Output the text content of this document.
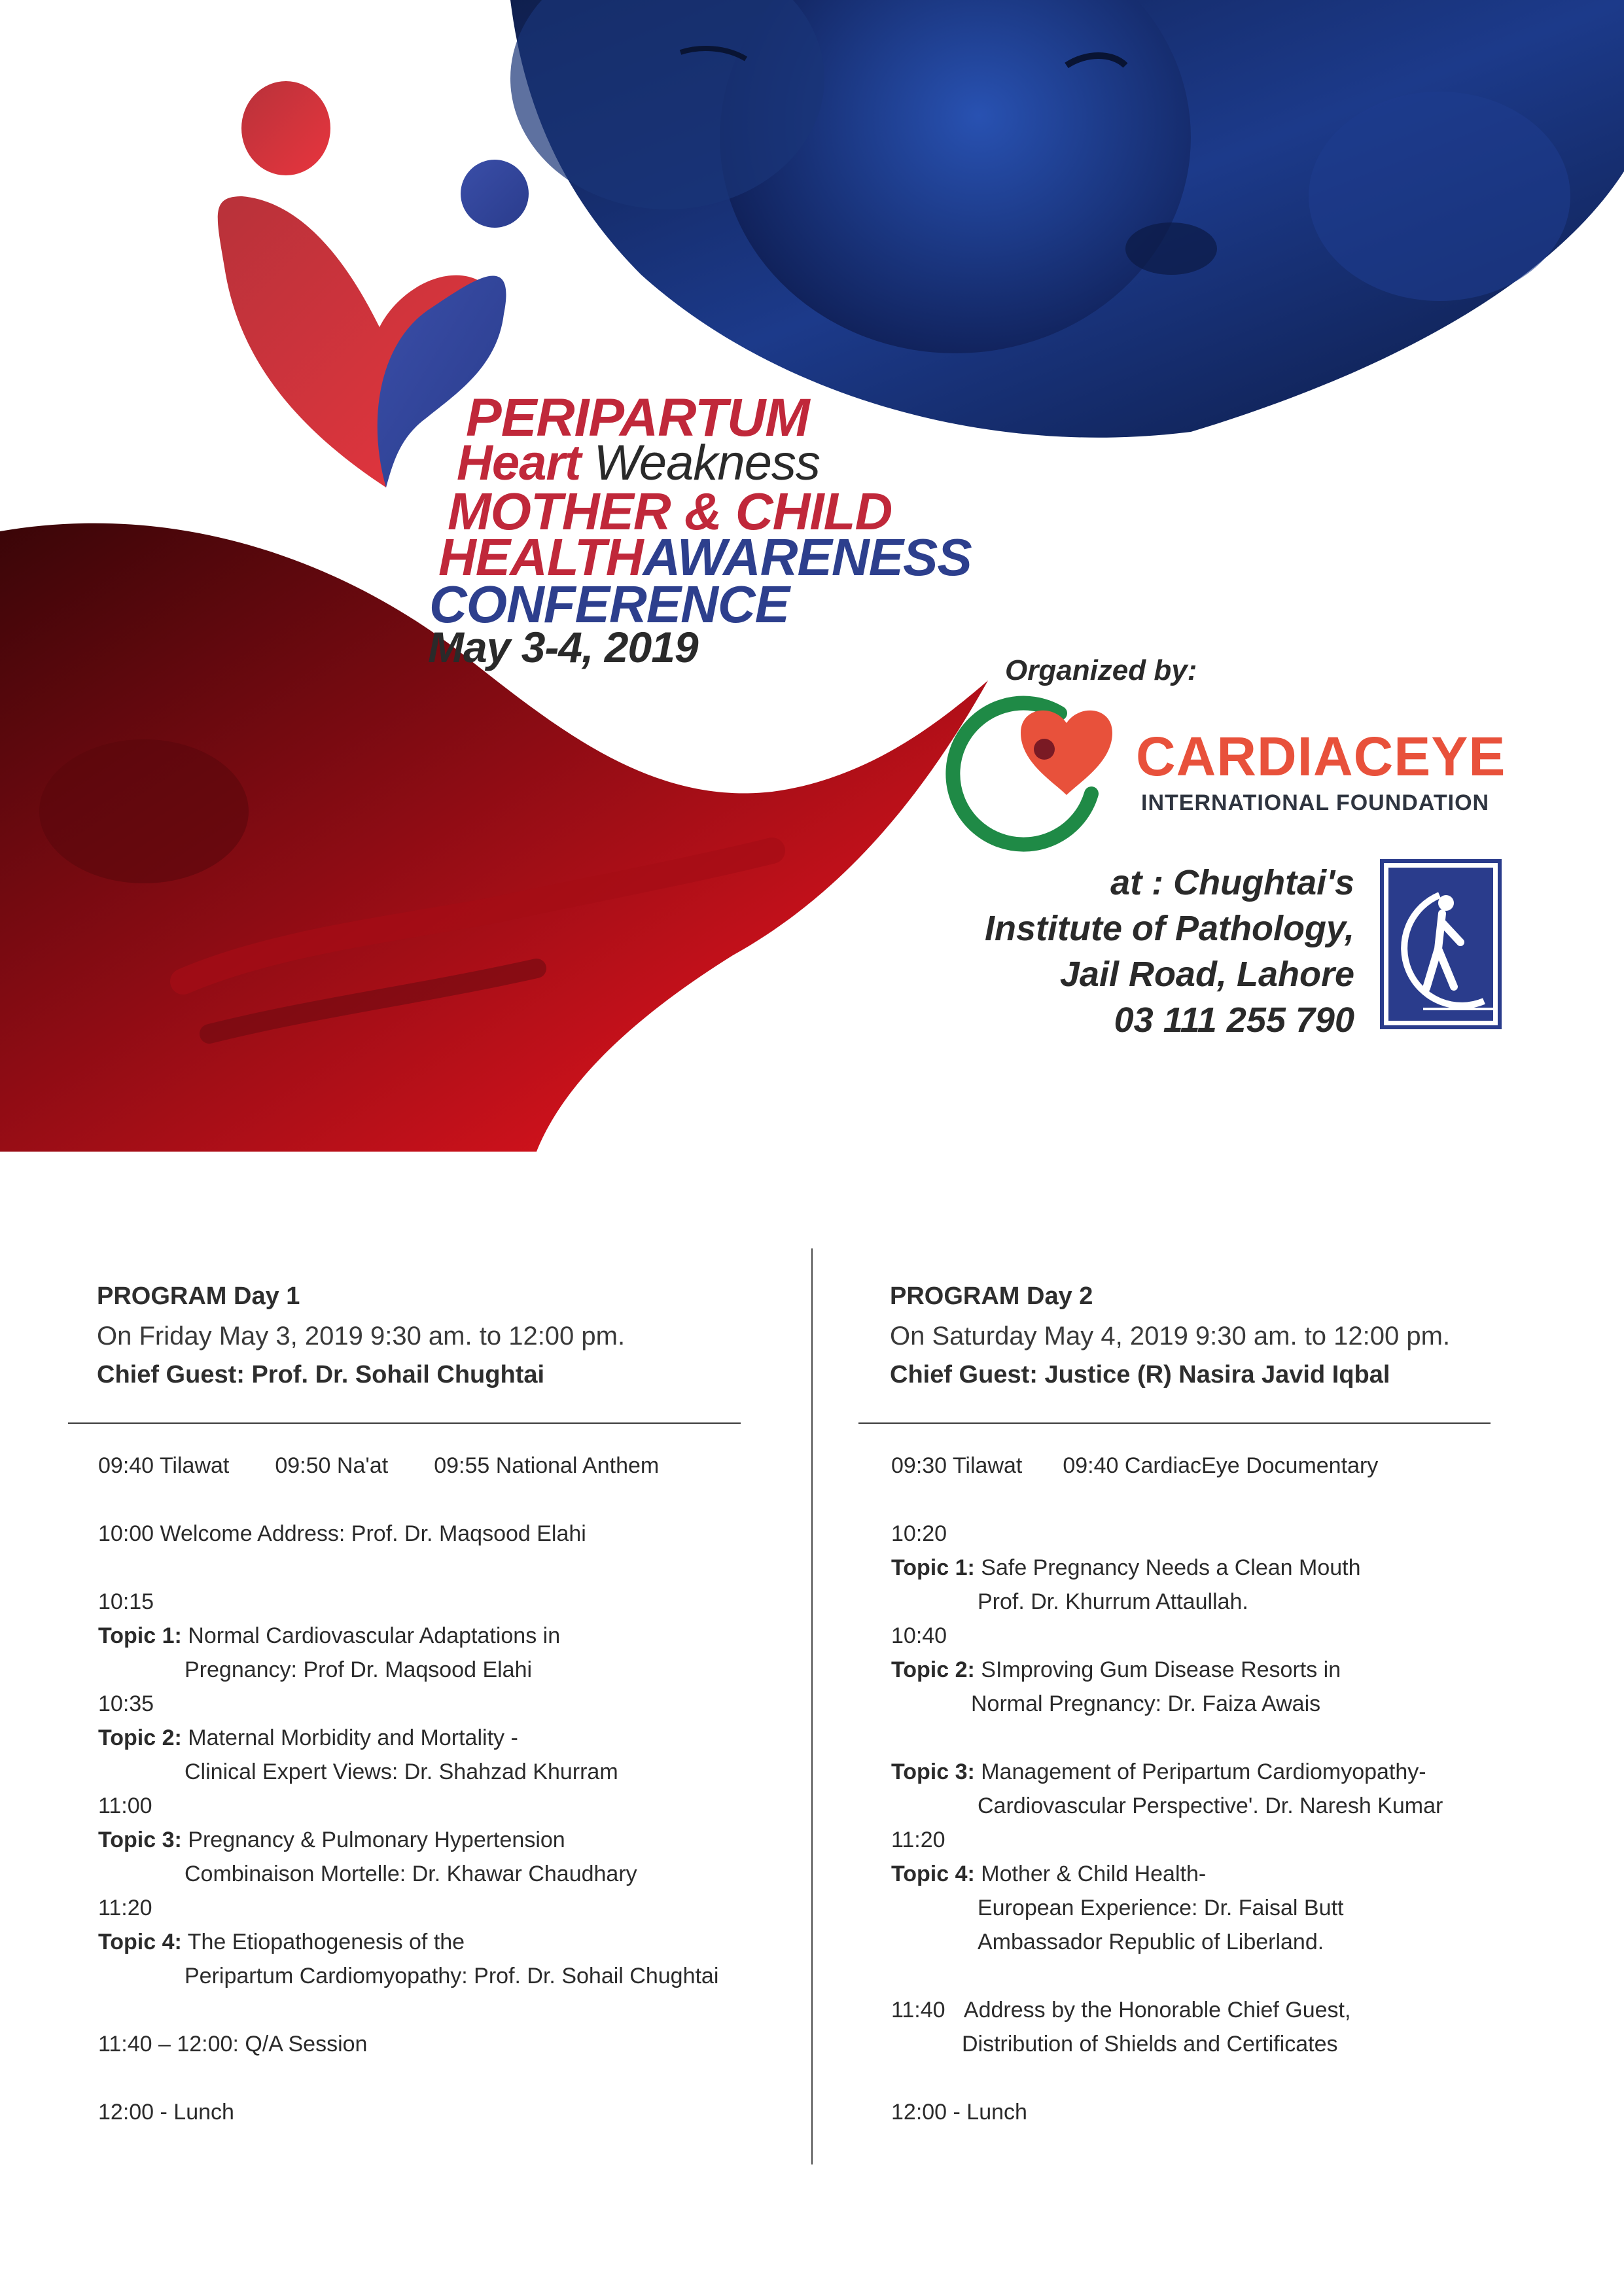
PERIPARTUM
Heart Weakness
MOTHER & CHILD
HEALTHAWARENESS
CONFERENCE
May 3-4, 2019	Organized by:
CARDIACEYE
INTERNATIONAL FOUNDATION
at : Chughtai's
Institute of Pathology,
Jail Road, Lahore
03 111 255 790
PROGRAM Day 1
On Friday May 3, 2019 9:30 am. to 12:00 pm.
Chief Guest: Prof. Dr. Sohail Chughtai
09:40 Tilawat 09:50 Na'at 09:55 National Anthem
10:00 Welcome Address: Prof. Dr. Maqsood Elahi
10:15
Topic 1: Normal Cardiovascular Adaptations in
Pregnancy: Prof Dr. Maqsood Elahi
10:35
Topic 2: Maternal Morbidity and Mortality -
Clinical Expert Views: Dr. Shahzad Khurram
11:00
Topic 3: Pregnancy & Pulmonary Hypertension
Combinaison Mortelle: Dr. Khawar Chaudhary
11:20
Topic 4: The Etiopathogenesis of the
Peripartum Cardiomyopathy: Prof. Dr. Sohail Chughtai
11:40 – 12:00: Q/A Session
12:00 - Lunch
PROGRAM Day 2
On Saturday May 4, 2019 9:30 am. to 12:00 pm.
Chief Guest: Justice (R) Nasira Javid Iqbal
09:30 Tilawat 09:40 CardiacEye Documentary
10:20
Topic 1: Safe Pregnancy Needs a Clean Mouth
Prof. Dr. Khurrum Attaullah.
10:40
Topic 2: SImproving Gum Disease Resorts in
Normal Pregnancy: Dr. Faiza Awais
Topic 3: Management of Peripartum Cardiomyopathy-
Cardiovascular Perspective'. Dr. Naresh Kumar
11:20
Topic 4: Mother & Child Health-
European Experience: Dr. Faisal Butt
Ambassador Republic of Liberland.
11:40 Address by the Honorable Chief Guest,
Distribution of Shields and Certificates
12:00 - Lunch
